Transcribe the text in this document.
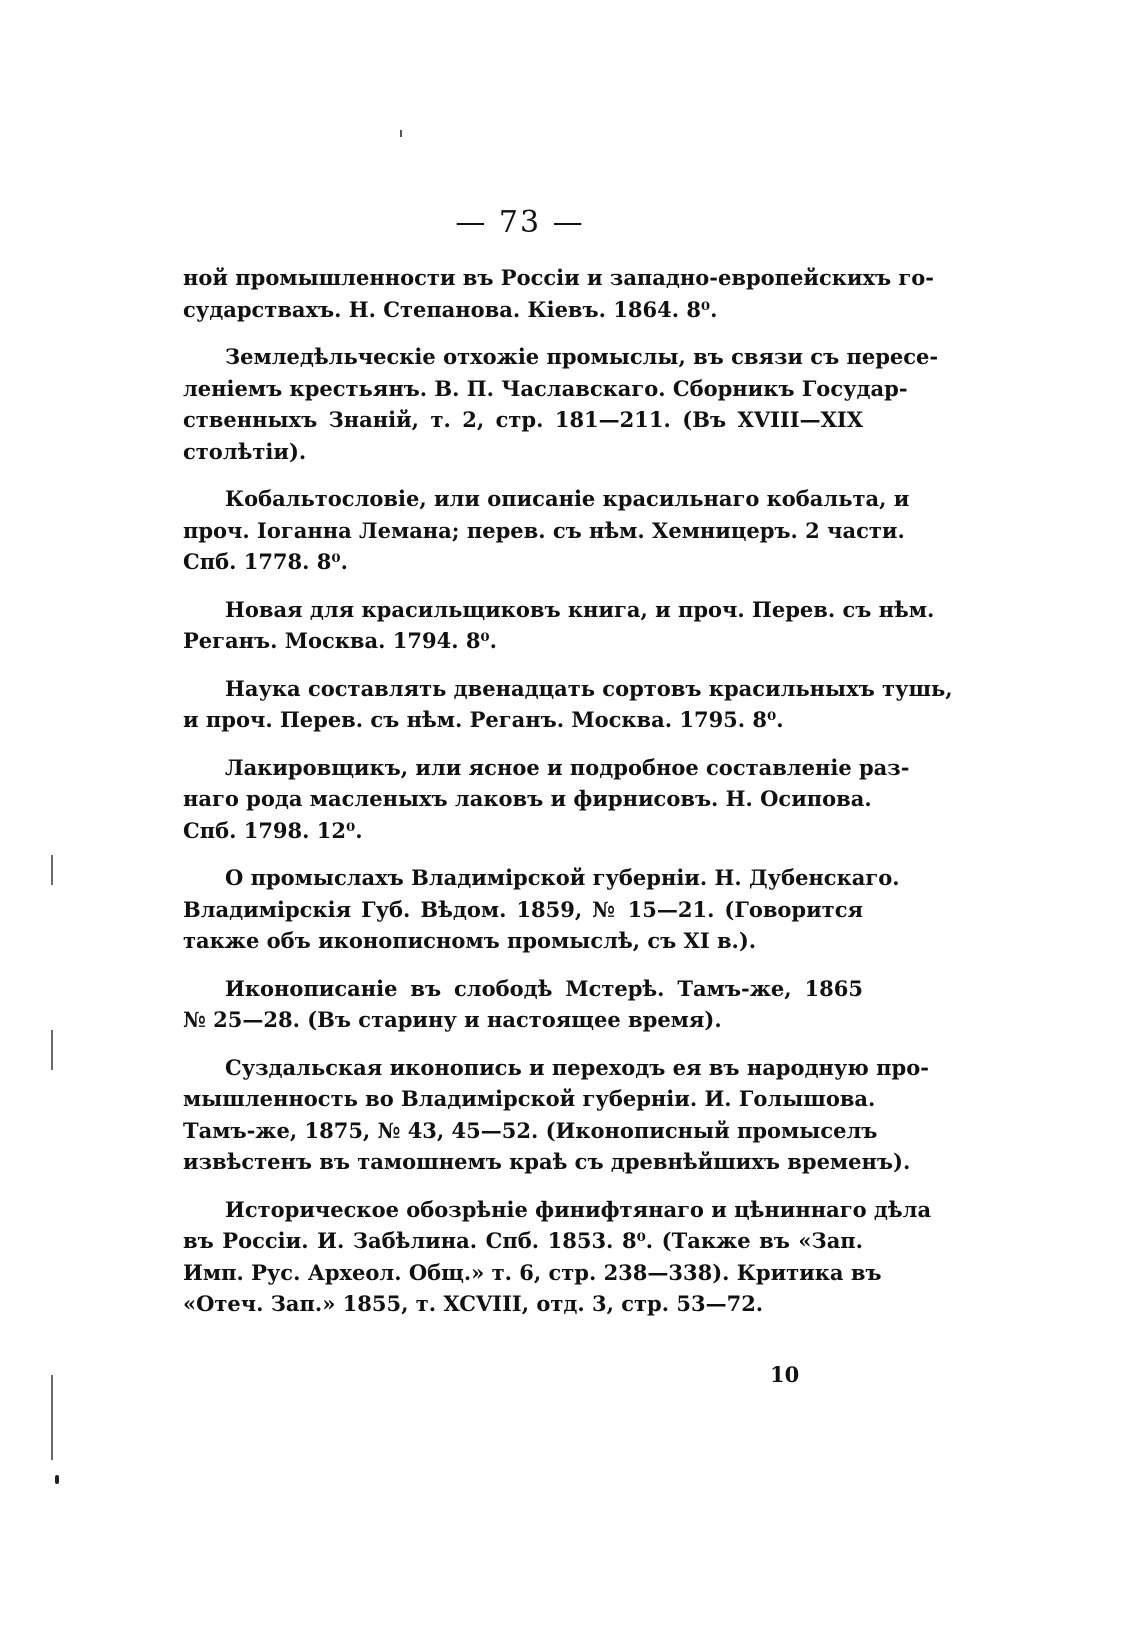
— 73 —
ной промышленности въ Россіи и западно-европейскихъ го-
сударствахъ. Н. Степанова. Кіевъ. 1864. 8⁰.
Земледѣльческіе отхожіе промыслы, въ связи съ пересе-
леніемъ крестьянъ. В. П. Чаславскаго. Сборникъ Государ-
ственныхъ Знаній, т. 2, стр. 181—211. (Въ XVIII—XIX
столѣтіи).
Кобальтословіе, или описаніе красильнаго кобальта, и
проч. Іоганна Лемана; перев. съ нѣм. Хемницеръ. 2 части.
Спб. 1778. 8⁰.
Новая для красильщиковъ книга, и проч. Перев. съ нѣм.
Реганъ. Москва. 1794. 8⁰.
Наука составлять двенадцать сортовъ красильныхъ тушь,
и проч. Перев. съ нѣм. Реганъ. Москва. 1795. 8⁰.
Лакировщикъ, или ясное и подробное составленіе раз-
наго рода масленыхъ лаковъ и фирнисовъ. Н. Осипова.
Спб. 1798. 12⁰.
О промыслахъ Владимірской губерніи. Н. Дубенскаго.
Владимірскія Губ. Вѣдом. 1859, № 15—21. (Говорится
также объ иконописномъ промыслѣ, съ XI в.).
Иконописаніе въ слободѣ Мстерѣ. Тамъ-же, 1865
№ 25—28. (Въ старину и настоящее время).
Суздальская иконопись и переходъ ея въ народную про-
мышленность во Владимірской губерніи. И. Голышова.
Тамъ-же, 1875, № 43, 45—52. (Иконописный промыселъ
извѣстенъ въ тамошнемъ краѣ съ древнѣйшихъ временъ).
Историческое обозрѣніе финифтянаго и цѣниннаго дѣла
въ Россіи. И. Забѣлина. Спб. 1853. 8⁰. (Также въ «Зап.
Имп. Рус. Археол. Общ.» т. 6, стр. 238—338). Критика въ
«Отеч. Зап.» 1855, т. XCVIII, отд. 3, стр. 53—72.
10
